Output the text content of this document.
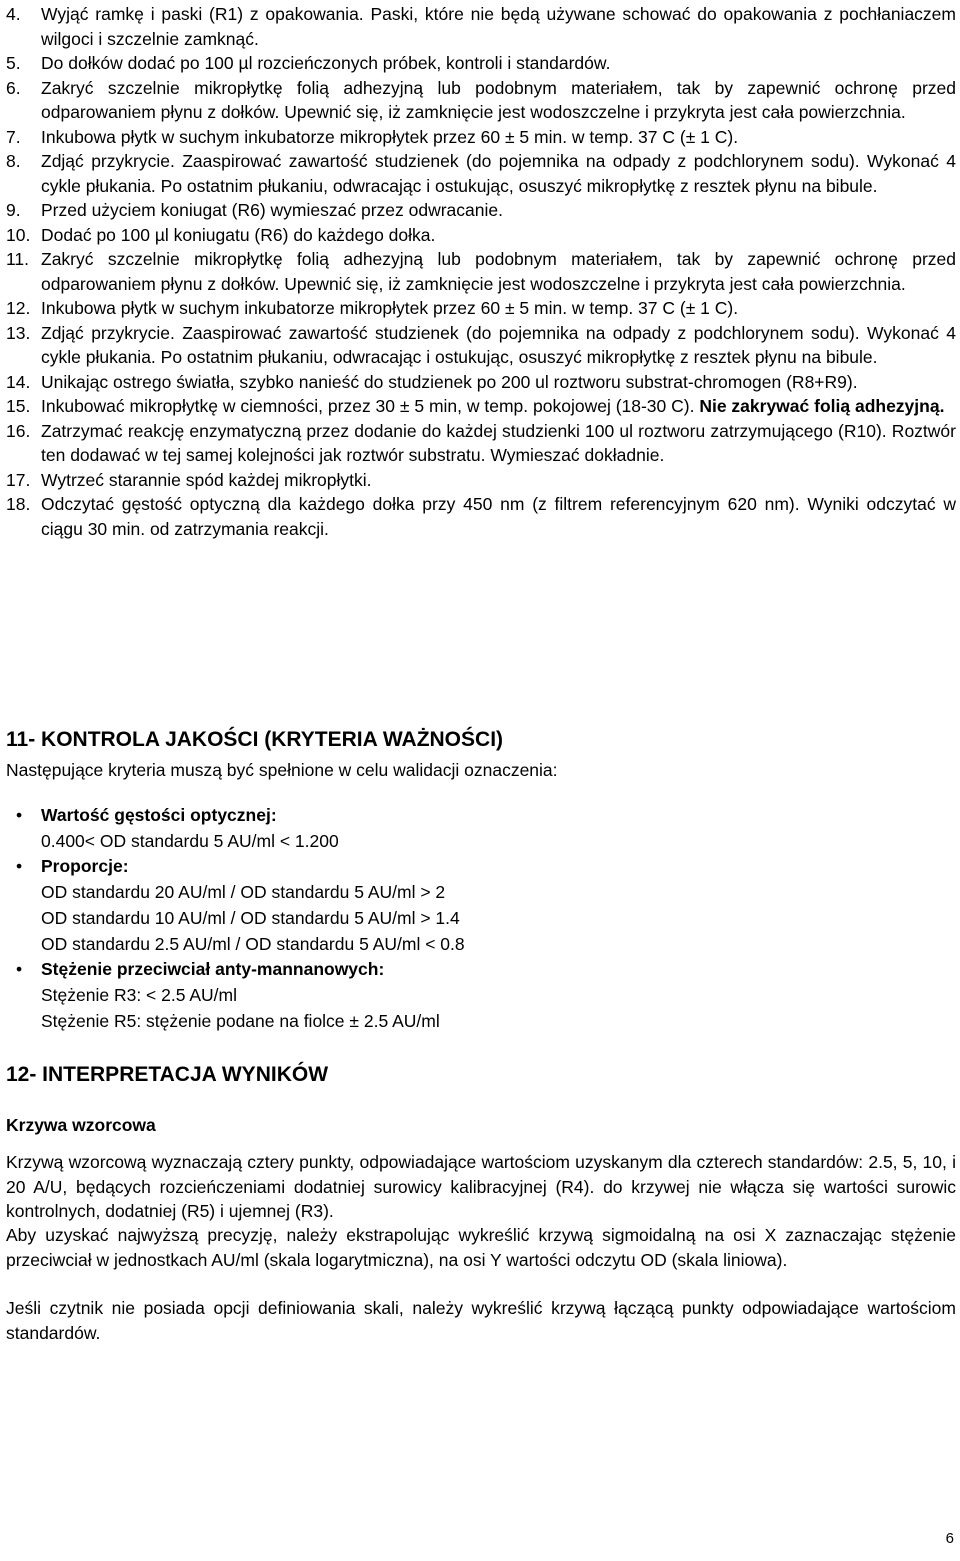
4. Wyjąć ramkę i paski (R1) z opakowania. Paski, które nie będą używane schować do opakowania z pochłaniaczem wilgoci i szczelnie zamknąć.
5. Do dołków dodać po 100 µl rozcieńczonych próbek, kontroli i standardów.
6. Zakryć szczelnie mikropłytkę folią adhezyjną lub podobnym materiałem, tak by zapewnić ochronę przed odparowaniem płynu z dołków. Upewnić się, iż zamknięcie jest wodoszczelne i przykryta jest cała powierzchnia.
7. Inkubowa płytk w suchym inkubatorze mikropłytek przez 60 ± 5 min. w temp. 37 C (± 1 C).
8. Zdjąć przykrycie. Zaaspirować zawartość studzienek (do pojemnika na odpady z podchlorynem sodu). Wykonać 4 cykle płukania. Po ostatnim płukaniu, odwracając i ostukując, osuszyć mikropłytkę z resztek płynu na bibule.
9. Przed użyciem koniugat (R6) wymieszać przez odwracanie.
10. Dodać po 100 µl koniugatu (R6) do każdego dołka.
11. Zakryć szczelnie mikropłytkę folią adhezyjną lub podobnym materiałem, tak by zapewnić ochronę przed odparowaniem płynu z dołków. Upewnić się, iż zamknięcie jest wodoszczelne i przykryta jest cała powierzchnia.
12. Inkubowa płytk w suchym inkubatorze mikropłytek przez 60 ± 5 min. w temp. 37 C (± 1 C).
13. Zdjąć przykrycie. Zaaspirować zawartość studzienek (do pojemnika na odpady z podchlorynem sodu). Wykonać 4 cykle płukania. Po ostatnim płukaniu, odwracając i ostukując, osuszyć mikropłytkę z resztek płynu na bibule.
14. Unikając ostrego światła, szybko nanieść do studzienek po 200 ul roztworu substrat-chromogen (R8+R9).
15. Inkubować mikropłytkę w ciemności, przez 30 ± 5 min, w temp. pokojowej (18-30 C). Nie zakrywać folią adhezyjną.
16. Zatrzymać reakcję enzymatyczną przez dodanie do każdej studzienki 100 ul roztworu zatrzymującego (R10). Roztwór ten dodawać w tej samej kolejności jak roztwór substratu. Wymieszać dokładnie.
17. Wytrzeć starannie spód każdej mikropłytki.
18. Odczytać gęstość optyczną dla każdego dołka przy 450 nm (z filtrem referencyjnym 620 nm). Wyniki odczytać w ciągu 30 min. od zatrzymania reakcji.
11- KONTROLA JAKOŚCI (KRYTERIA WAŻNOŚCI)
Następujące kryteria muszą być spełnione w celu walidacji oznaczenia:
• Wartość gęstości optycznej:
0.400< OD standardu 5 AU/ml < 1.200
• Proporcje:
OD standardu 20 AU/ml / OD standardu 5 AU/ml > 2
OD standardu 10 AU/ml / OD standardu 5 AU/ml > 1.4
OD standardu 2.5 AU/ml / OD standardu 5 AU/ml < 0.8
• Stężenie przeciwciał anty-mannanowych:
Stężenie R3: < 2.5 AU/ml
Stężenie R5: stężenie podane na fiolce ± 2.5 AU/ml
12- INTERPRETACJA WYNIKÓW
Krzywa wzorcowa
Krzywą wzorcową wyznaczają cztery punkty, odpowiadające wartościom uzyskanym dla czterech standardów: 2.5, 5, 10, i 20 A/U, będących rozcieńczeniami dodatniej surowicy kalibracyjnej (R4). do krzywej nie włącza się wartości surowic kontrolnych, dodatniej (R5) i ujemnej (R3).
Aby uzyskać najwyższą precyzję, należy ekstrapolując wykreślić krzywą sigmoidalną na osi X zaznaczając stężenie przeciwciał w jednostkach AU/ml (skala logarytmiczna), na osi Y wartości odczytu OD (skala liniowa).
Jeśli czytnik nie posiada opcji definiowania skali, należy wykreślić krzywą łączącą punkty odpowiadające wartościom standardów.
6
